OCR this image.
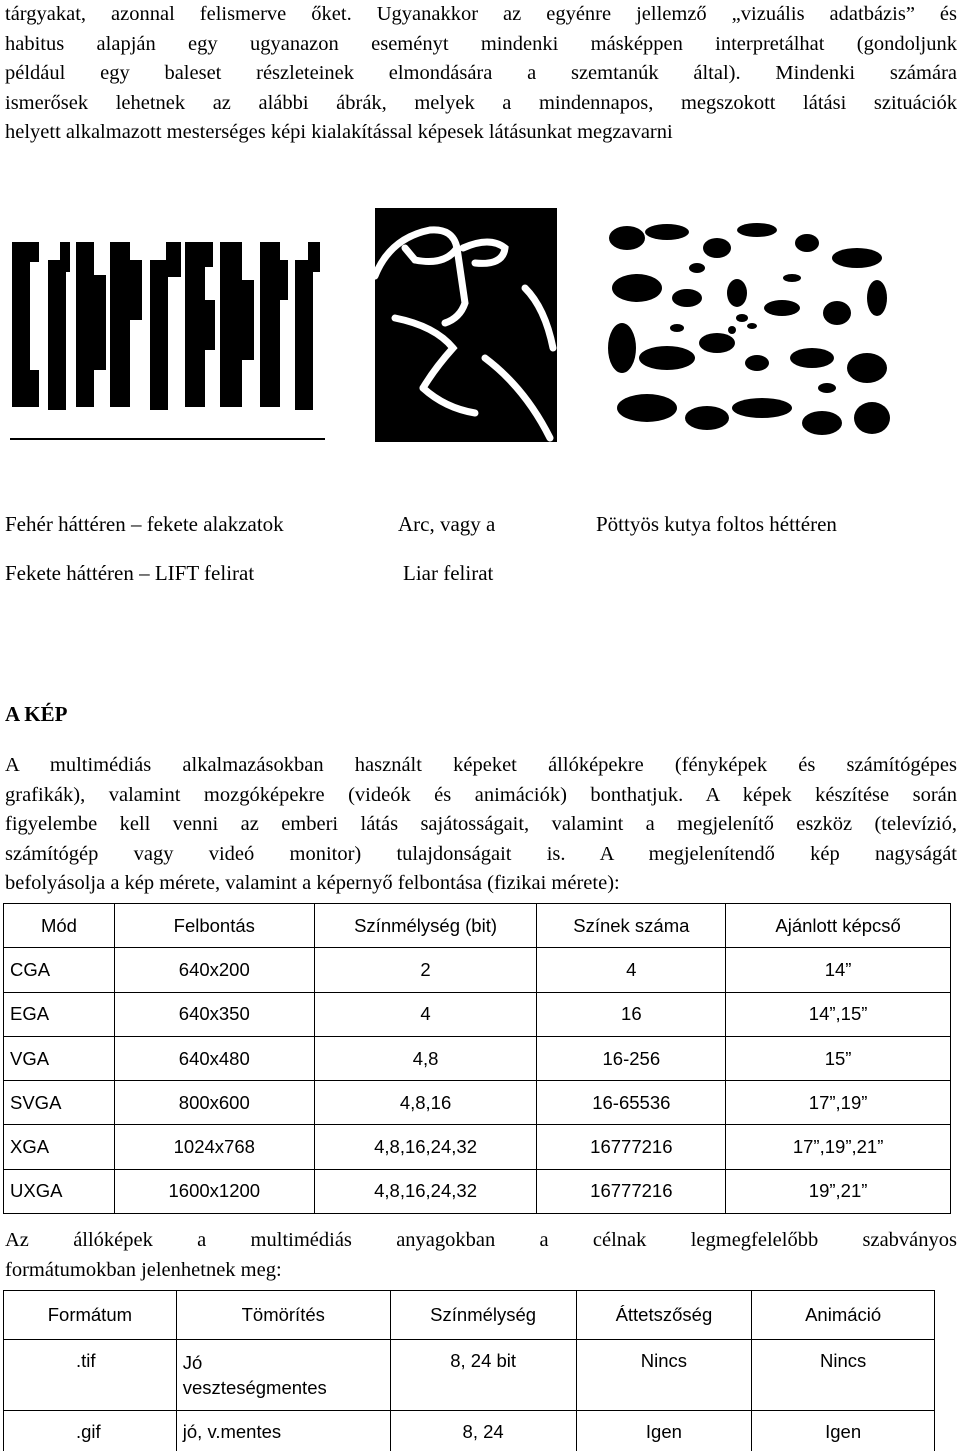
tárgyakat, azonnal felismerve őket. Ugyanakkor az egyénre jellemző „vizuális adatbázis” és
habitus alapján egy ugyanazon eseményt mindenki másképpen interpretálhat (gondoljunk
például egy baleset részleteinek elmondására a szemtanúk által). Mindenki számára
ismerősek lehetnek az alábbi ábrák, melyek a mindennapos, megszokott látási szituációk
helyett alkalmazott mesterséges képi kialakítással képesek látásunkat megzavarni
Fehér háttéren – fekete alakzatok
Fekete háttéren – LIFT felirat
Arc, vagy a
Liar felirat
Pöttyös kutya foltos héttéren
A KÉP
A multimédiás alkalmazásokban használt képeket állóképekre (fényképek és számítógépes
grafikák), valamint mozgóképekre (videók és animációk) bonthatjuk. A képek készítése során
figyelembe kell venni az emberi látás sajátosságait, valamint a megjelenítő eszköz (televízió,
számítógép vagy videó monitor) tulajdonságait is. A megjelenítendő kép nagyságát
befolyásolja a kép mérete, valamint a képernyő felbontása (fizikai mérete):
Mód	Felbontás	Színmélység (bit)	Színek száma	Ajánlott képcső
CGA	640x200	2	4	14”
EGA	640x350	4	16	14”,15”
VGA	640x480	4,8	16-256	15”
SVGA	800x600	4,8,16	16-65536	17”,19”
XGA	1024x768	4,8,16,24,32	16777216	17”,19”,21”
UXGA	1600x1200	4,8,16,24,32	16777216	19”,21”
Az állóképek a multimédiás anyagokban a célnak legmegfelelőbb szabványos
formátumokban jelenhetnek meg:
Formátum	Tömörítés	Színmélység	Áttetszőség	Animáció
.tif	Jó veszteségmentes	8, 24 bit	Nincs	Nincs
.gif	jó, v.mentes	8, 24	Igen	Igen
